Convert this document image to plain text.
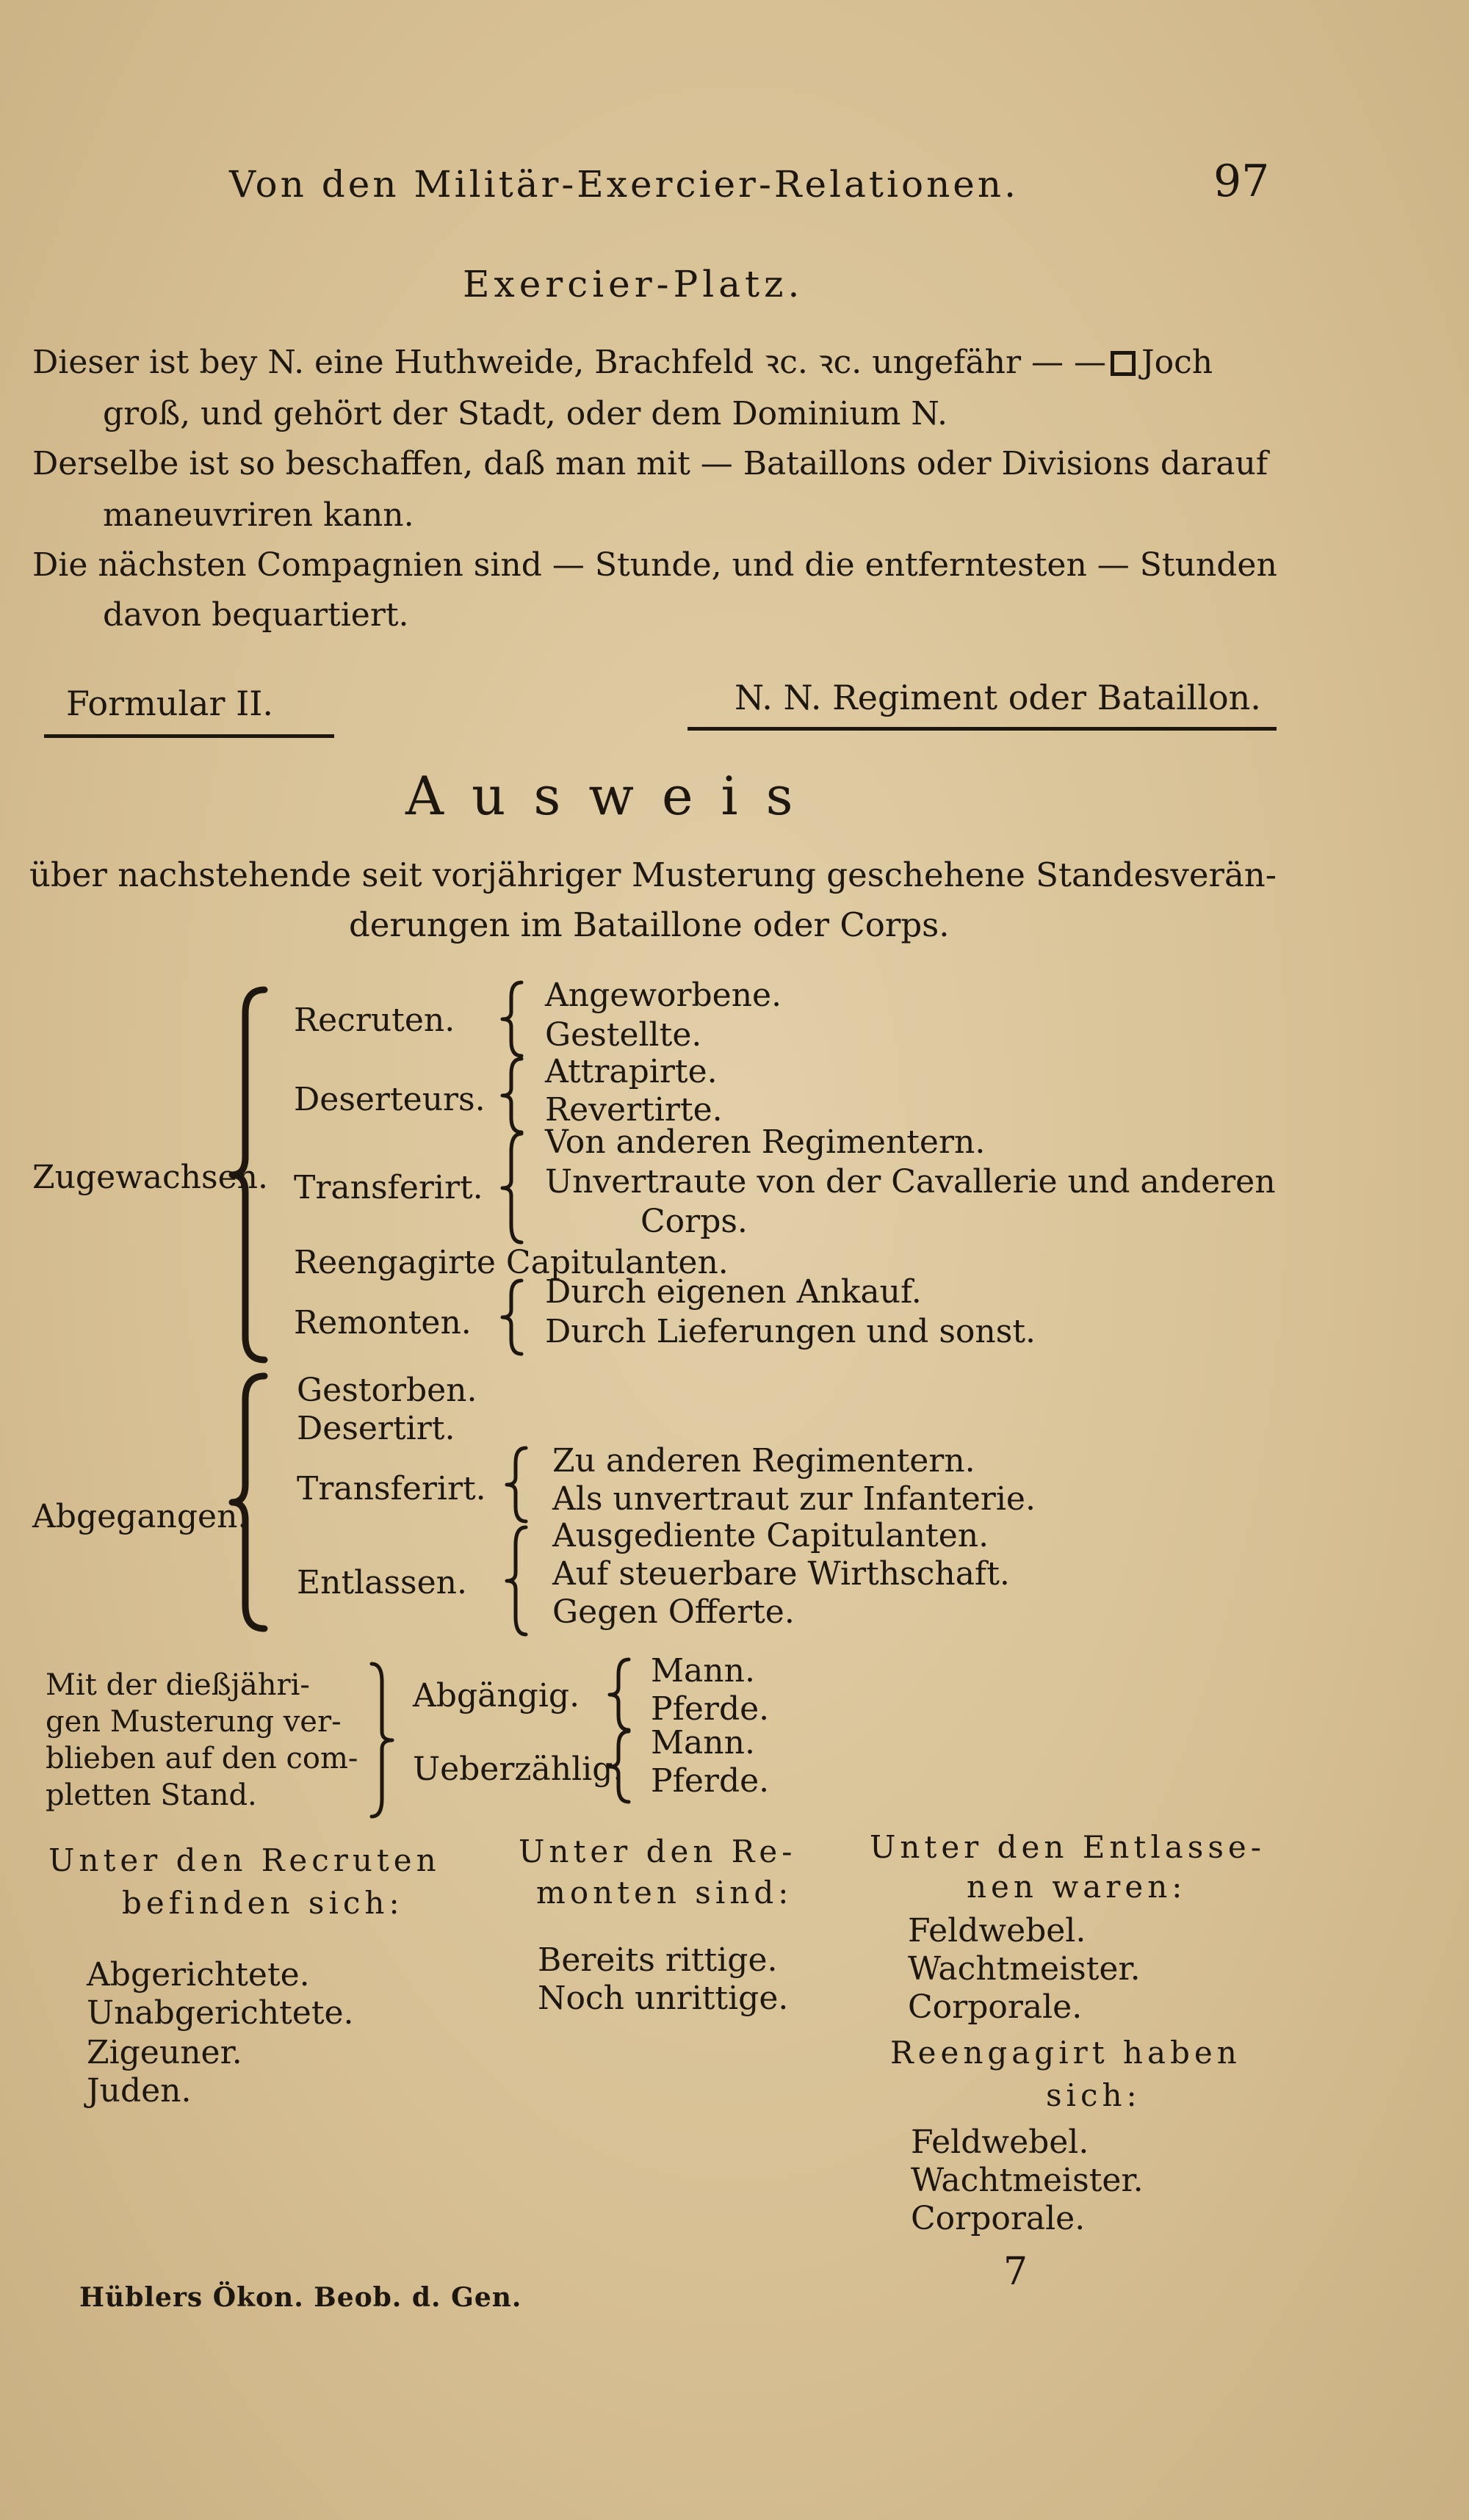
Von den Militär-Exercier-Relationen.	97
Exercier-Platz.
Dieser ist bey N. eine Huthweide, Brachfeld ꝛc. ꝛc. ungefähr — — Joch
groß, und gehört der Stadt, oder dem Dominium N.
Derselbe ist so beschaffen, daß man mit — Bataillons oder Divisions darauf
maneuvriren kann.
Die nächsten Compagnien sind — Stunde, und die entferntesten — Stunden
davon bequartiert.
Formular II.	N. N. Regiment oder Bataillon.
Ausweis
über nachstehende seit vorjähriger Musterung geschehene Standesverän-
derungen im Bataillone oder Corps.
Zugewachsen.
Recruten.
Angeworbene.
Gestellte.
Deserteurs.
Attrapirte.
Revertirte.
Transferirt.
Von anderen Regimentern.
Unvertraute von der Cavallerie und anderen
Corps.
Reengagirte Capitulanten.
Remonten.
Durch eigenen Ankauf.
Durch Lieferungen und sonst.
Abgegangen.
Gestorben.
Desertirt.
Transferirt.
Zu anderen Regimentern.
Als unvertraut zur Infanterie.
Entlassen.
Ausgediente Capitulanten.
Auf steuerbare Wirthschaft.
Gegen Offerte.
Mit der dießjähri-
gen Musterung ver-
blieben auf den com-
pletten Stand.
Abgängig.
Mann.
Pferde.
Ueberzählig.
Mann.
Pferde.
Unter den Recruten
befinden sich:
Abgerichtete.
Unabgerichtete.
Zigeuner.
Juden.
Unter den Re-
monten sind:
Bereits rittige.
Noch unrittige.
Unter den Entlasse-
nen waren:
Feldwebel.
Wachtmeister.
Corporale.
Reengagirt haben
sich:
Feldwebel.
Wachtmeister.
Corporale.
Hüblers Ökon. Beob. d. Gen.
7
